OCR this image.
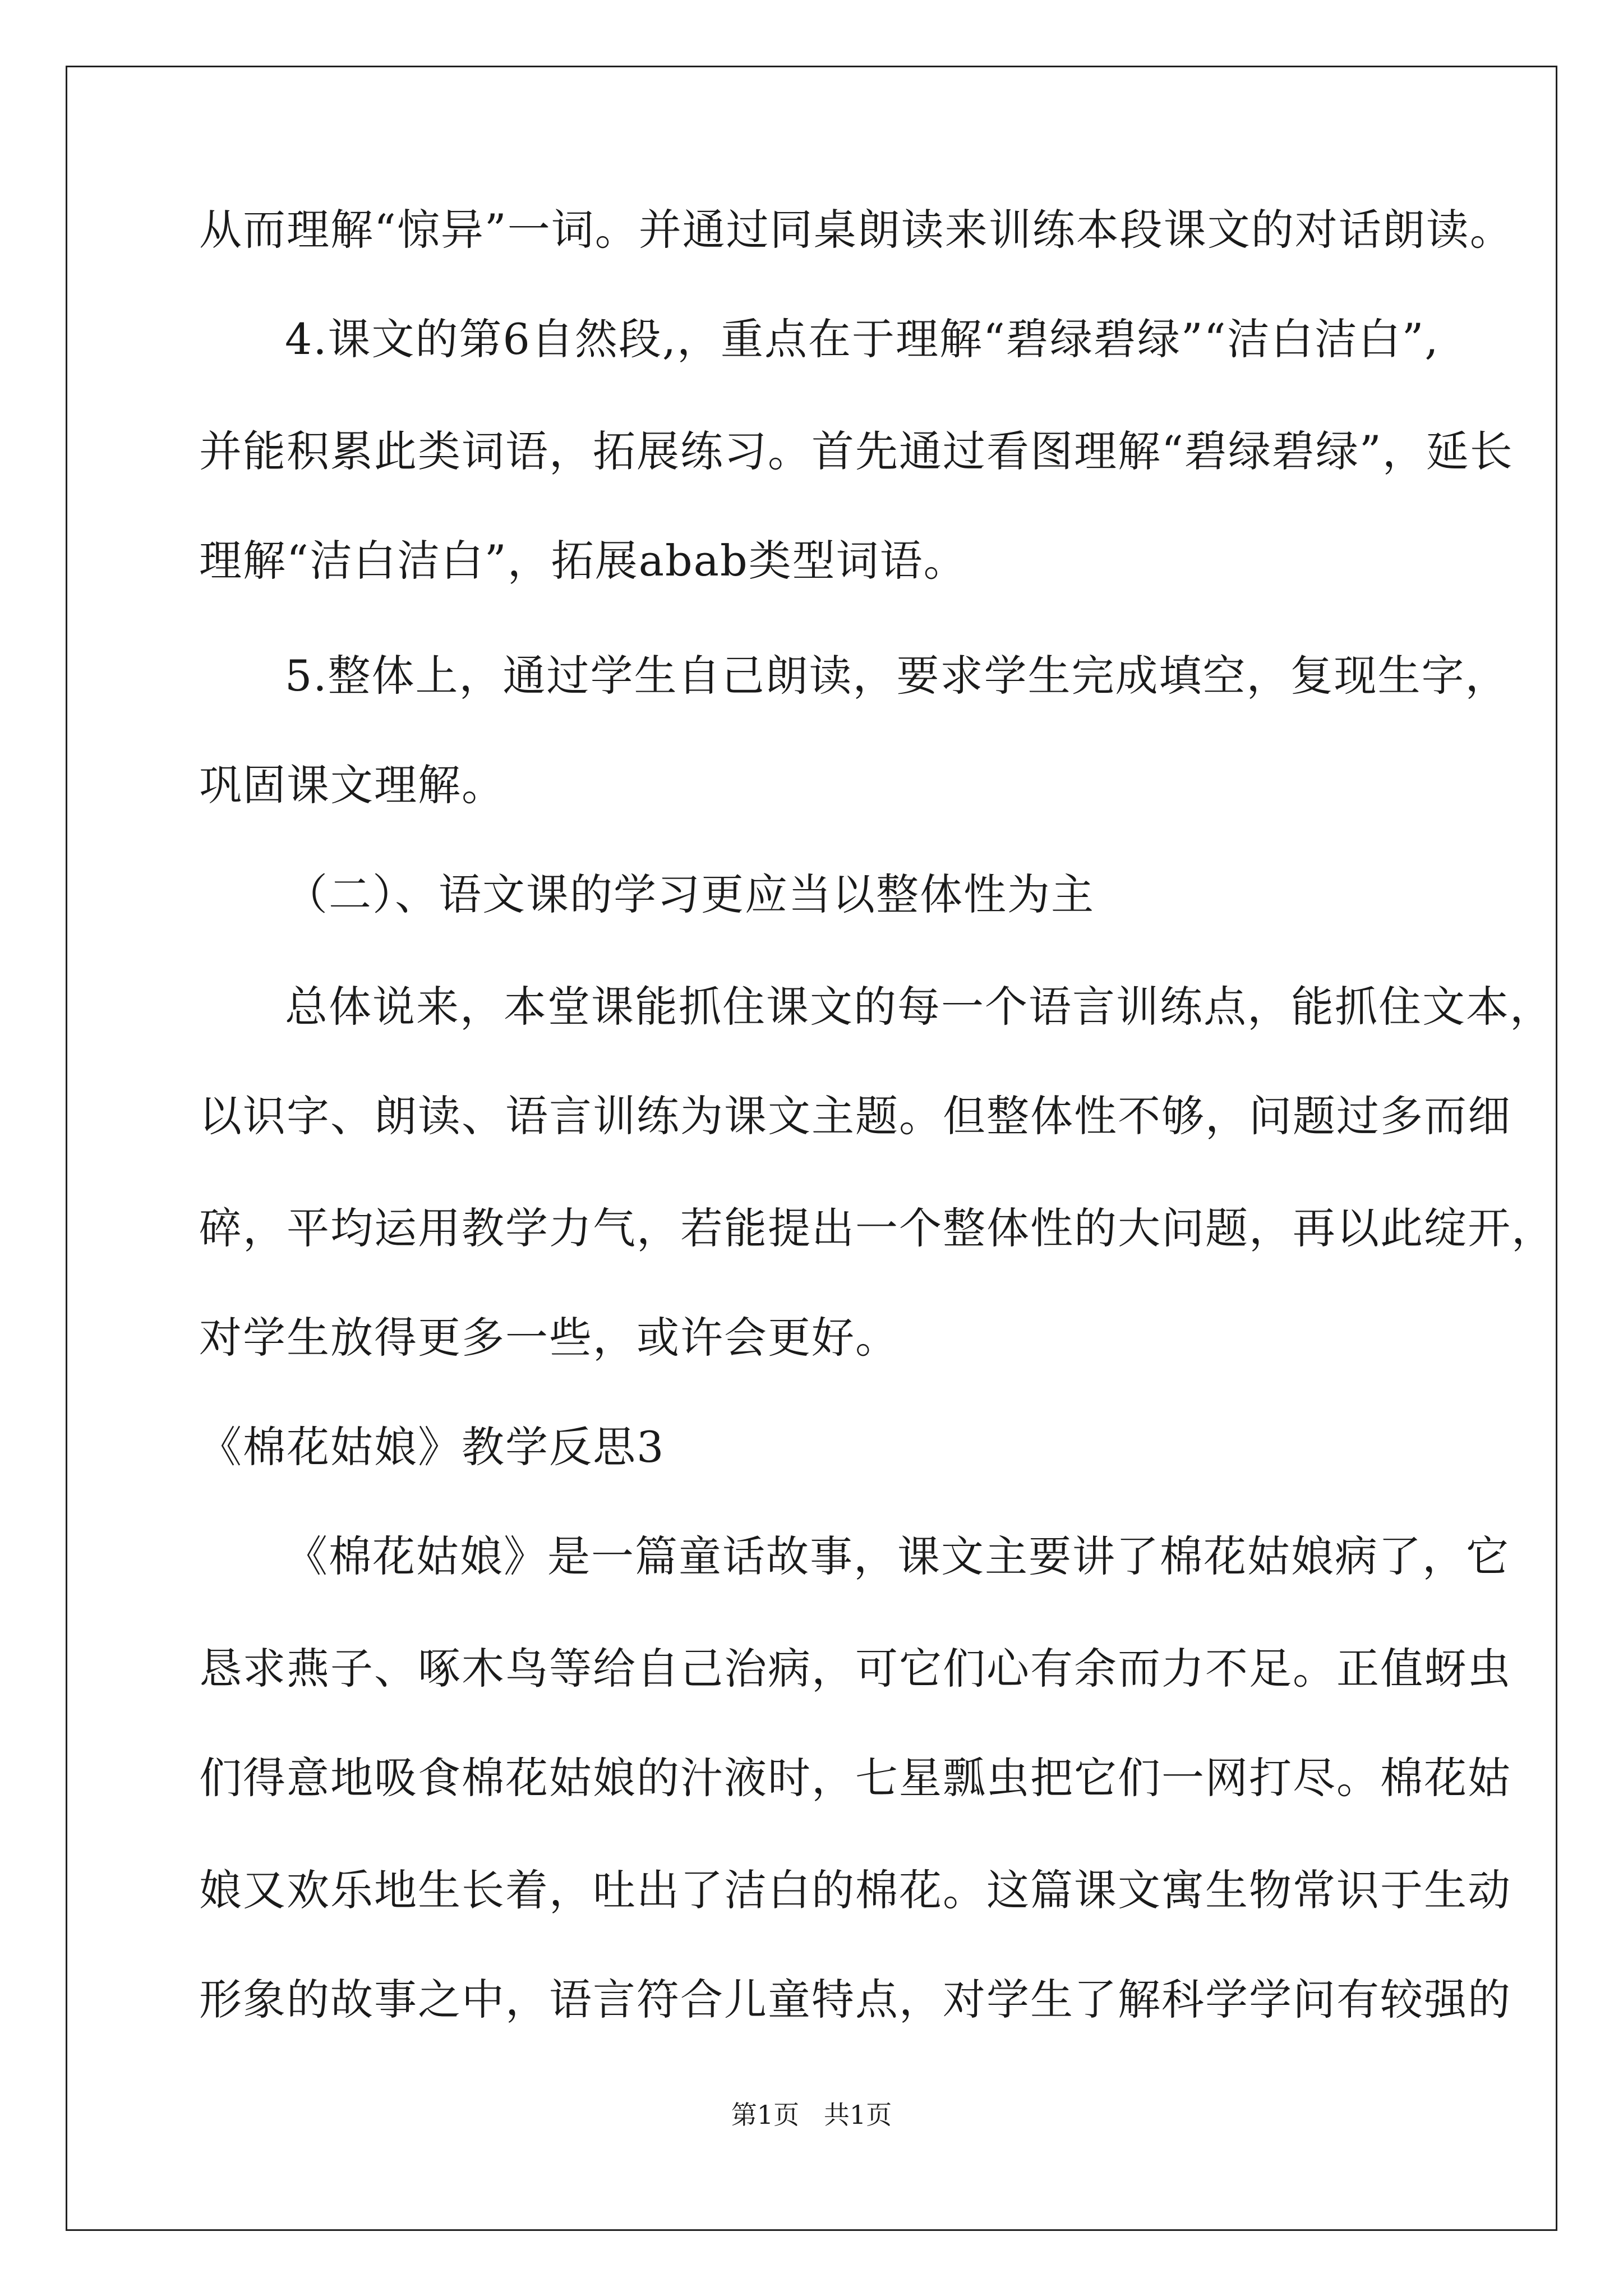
从而理解“惊异”一词。并通过同桌朗读来训练本段课文的对话朗读。
4.课文的第6自然段,，重点在于理解“碧绿碧绿”“洁白洁白”,
并能积累此类词语，拓展练习。首先通过看图理解“碧绿碧绿”，延长
理解“洁白洁白”，拓展abab类型词语。
5.整体上，通过学生自己朗读，要求学生完成填空，复现生字，
巩固课文理解。
（二）、语文课的学习更应当以整体性为主
总体说来，本堂课能抓住课文的每一个语言训练点，能抓住文本，
以识字、朗读、语言训练为课文主题。但整体性不够，问题过多而细
碎，平均运用教学力气，若能提出一个整体性的大问题，再以此绽开，
对学生放得更多一些，或许会更好。
《棉花姑娘》教学反思3
《棉花姑娘》是一篇童话故事，课文主要讲了棉花姑娘病了，它
恳求燕子、啄木鸟等给自己治病，可它们心有余而力不足。正值蚜虫
们得意地吸食棉花姑娘的汁液时，七星瓢虫把它们一网打尽。棉花姑
娘又欢乐地生长着，吐出了洁白的棉花。这篇课文寓生物常识于生动
形象的故事之中，语言符合儿童特点，对学生了解科学学问有较强的
第1页   共1页
